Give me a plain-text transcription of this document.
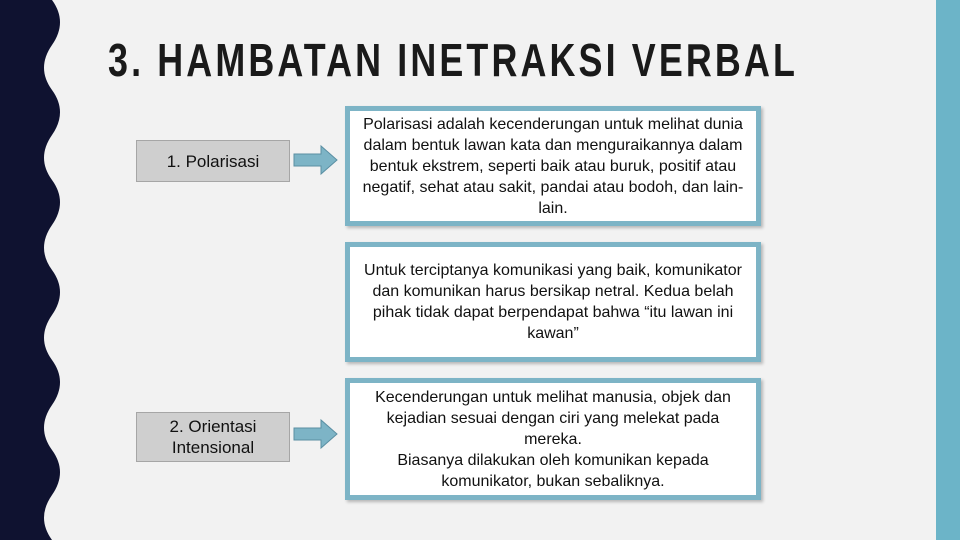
3. HAMBATAN INETRAKSI VERBAL
1. Polarisasi
Polarisasi adalah kecenderungan untuk melihat dunia dalam bentuk lawan kata dan menguraikannya dalam bentuk ekstrem, seperti baik atau buruk, positif atau negatif, sehat atau sakit, pandai atau bodoh, dan lain-lain.
Untuk terciptanya komunikasi yang baik, komunikator dan komunikan harus bersikap netral. Kedua belah pihak tidak dapat berpendapat bahwa “itu lawan ini kawan”
2. Orientasi
Intensional
Kecenderungan untuk melihat manusia, objek dan kejadian sesuai dengan ciri yang melekat pada mereka.
Biasanya dilakukan oleh komunikan kepada komunikator, bukan sebaliknya.
